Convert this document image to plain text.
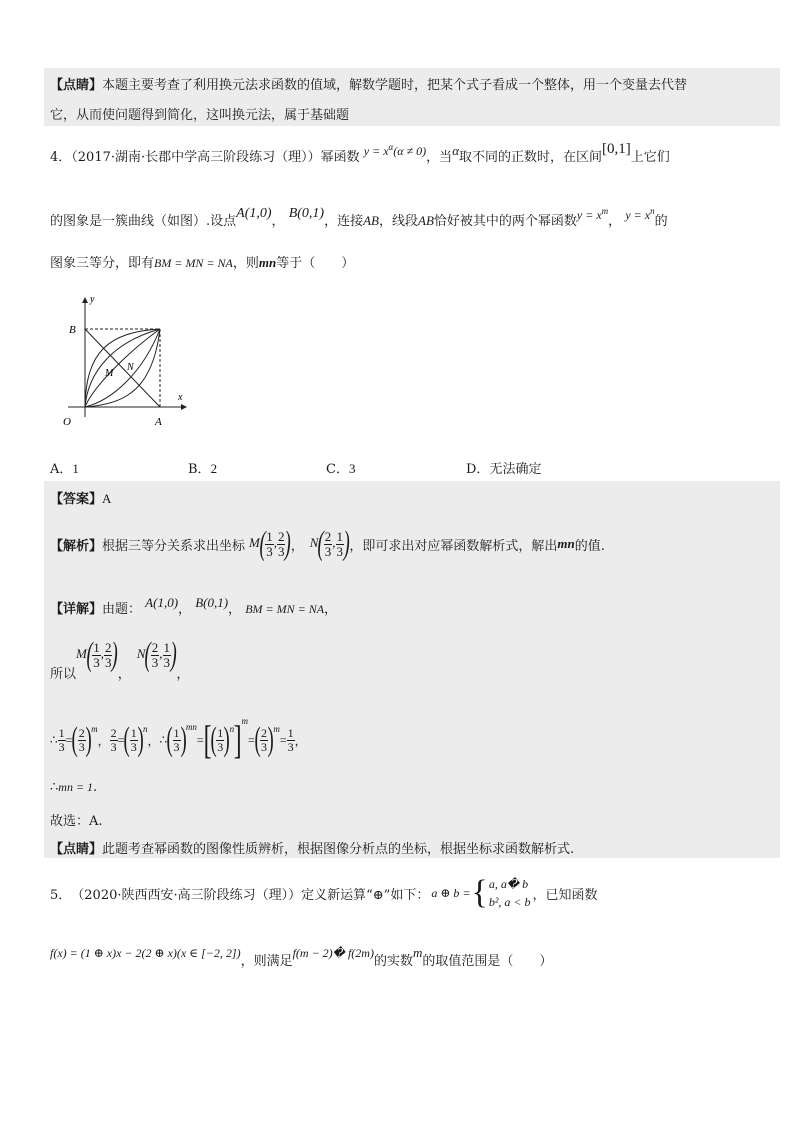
【点睛】本题主要考查了利用换元法求函数的值域，解数学题时，把某个式子看成一个整体，用一个变量去代替
它，从而使问题得到简化，这叫换元法，属于基础题
4．（2017·湖南·长郡中学高三阶段练习（理））幂函数 $y = x^\alpha(\alpha \ne 0)$，当α取不同的正数时，在区间[0,1]上它们
的图象是一簇曲线（如图）.设点A(1,0)， B(0,1)，连接AB，线段AB恰好被其中的两个幂函数$y = x^m$， $y = x^n$的
图象三等分，即有BM = MN = NA，则mn等于（　　）
y
x
B
O	A
M
N
A．1	B．2	C．3	D．无法确定
【答案】A
【解析】 根据三等分关系求出坐标 $M( \frac{1}{3}$ , $\frac{2}{3}$ ) ， $N( \frac{2}{3}$ , $\frac{1}{3}$ ) ，即可求出对应幂函数解析式，解出 mn 的值.
【详解】由题： A(1,0)， B(0,1)， BM = MN = NA，
所以
$M( \frac{1}{3}$ , $\frac{2}{3}$ )
，
$N( \frac{2}{3}$ , $\frac{1}{3}$ )
，
∴ $\frac{1}{3}$ = ( $\frac{2}{3} )^m$
， $\frac{2}{3}$ = ( $\frac{1}{3} )^n$
， ∴ ( $\frac{1}{3} )^{mn}$
= [ ( $\frac{1}{3} )^n$ ]$^m$
= ( $\frac{2}{3} )^m$
= $\frac{1}{3}$ ，
∴mn = 1.
故选：A.
【点睛】此题考查幂函数的图像性质辨析，根据图像分析点的坐标，根据坐标求函数解析式.
5． （2020·陕西西安·高三阶段练习（理）） 定义新运算“⊕”如下： a ⊕ b = { a, a� b
b², a < b ，已知函数
f(x) = (1 ⊕ x)x − 2(2 ⊕ x)(x ∈ [−2, 2])，则满足f(m − 2)� f(2m)的实数m的取值范围是（　　）
